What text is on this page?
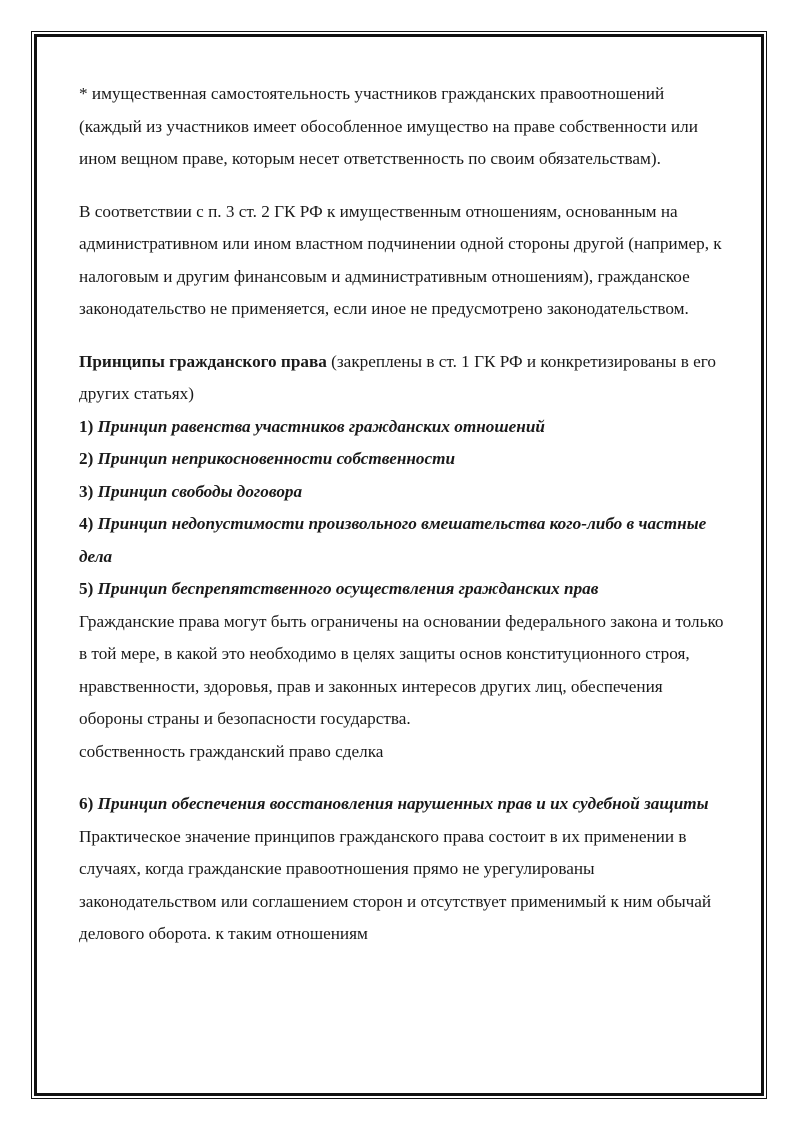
* имущественная самостоятельность участников гражданских правоотношений (каждый из участников имеет обособленное имущество на праве собственности или ином вещном праве, которым несет ответственность по своим обязательствам).

В соответствии с п. 3 ст. 2 ГК РФ к имущественным отношениям, основанным на административном или ином властном подчинении одной стороны другой (например, к налоговым и другим финансовым и административным отношениям), гражданское законодательство не применяется, если иное не предусмотрено законодательством.

Принципы гражданского права (закреплены в ст. 1 ГК РФ и конкретизированы в его других статьях)

1) Принцип равенства участников гражданских отношений

2) Принцип неприкосновенности собственности

3) Принцип свободы договора

4) Принцип недопустимости произвольного вмешательства кого-либо в частные дела

5) Принцип беспрепятственного осуществления гражданских прав

Гражданские права могут быть ограничены на основании федерального закона и только в той мере, в какой это необходимо в целях защиты основ конституционного строя, нравственности, здоровья, прав и законных интересов других лиц, обеспечения обороны страны и безопасности государства.

собственность гражданский право сделка

6) Принцип обеспечения восстановления нарушенных прав и их судебной защиты

Практическое значение принципов гражданского права состоит в их применении в случаях, когда гражданские правоотношения прямо не урегулированы законодательством или соглашением сторон и отсутствует применимый к ним обычай делового оборота. к таким отношениям
